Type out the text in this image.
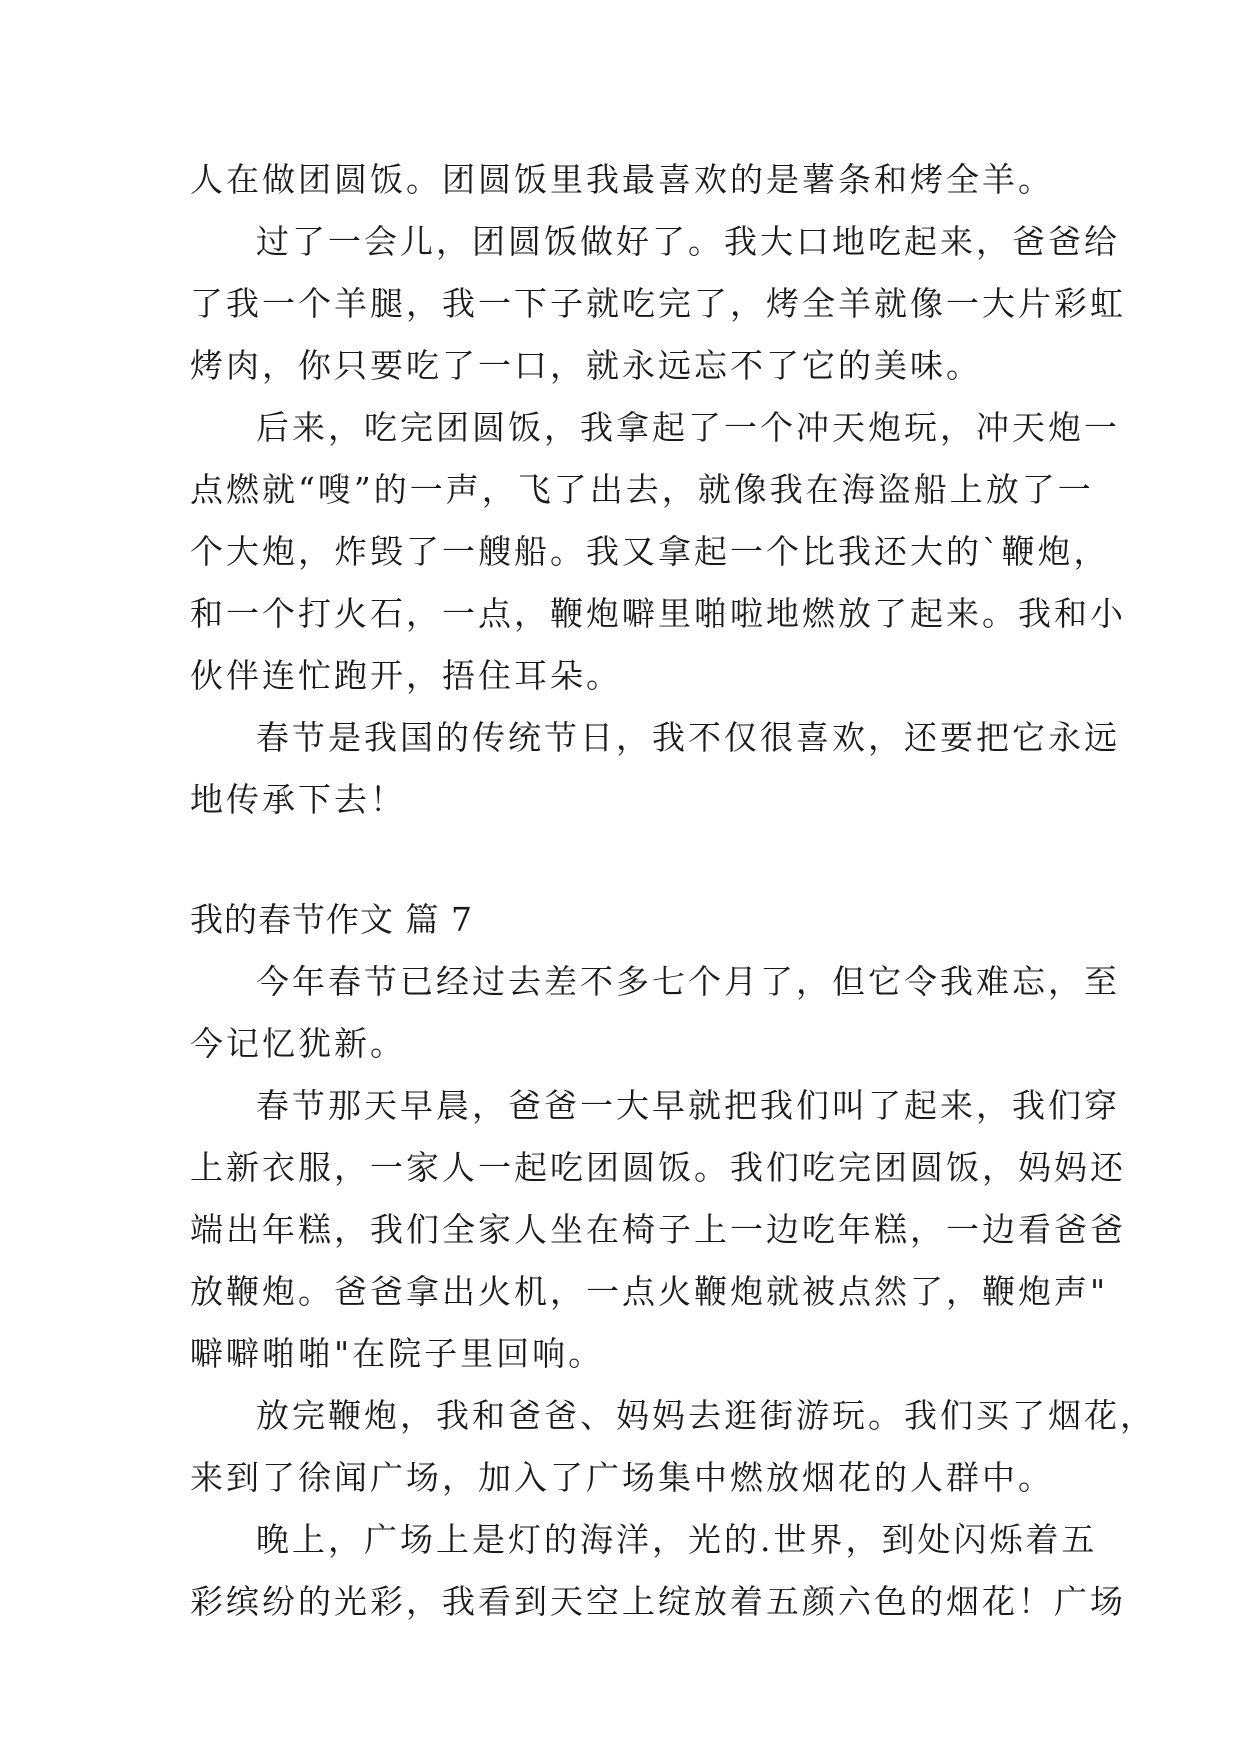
人在做团圆饭。团圆饭里我最喜欢的是薯条和烤全羊。
过了一会儿，团圆饭做好了。我大口地吃起来，爸爸给
了我一个羊腿，我一下子就吃完了，烤全羊就像一大片彩虹
烤肉，你只要吃了一口，就永远忘不了它的美味。
后来，吃完团圆饭，我拿起了一个冲天炮玩，冲天炮一
点燃就“嗖”的一声，飞了出去，就像我在海盗船上放了一
个大炮，炸毁了一艘船。我又拿起一个比我还大的`鞭炮，
和一个打火石，一点，鞭炮噼里啪啦地燃放了起来。我和小
伙伴连忙跑开，捂住耳朵。
春节是我国的传统节日，我不仅很喜欢，还要把它永远
地传承下去！
我的春节作文 篇 7
今年春节已经过去差不多七个月了，但它令我难忘，至
今记忆犹新。
春节那天早晨，爸爸一大早就把我们叫了起来，我们穿
上新衣服，一家人一起吃团圆饭。我们吃完团圆饭，妈妈还
端出年糕，我们全家人坐在椅子上一边吃年糕，一边看爸爸
放鞭炮。爸爸拿出火机，一点火鞭炮就被点然了，鞭炮声"
噼噼啪啪"在院子里回响。
放完鞭炮，我和爸爸、妈妈去逛街游玩。我们买了烟花，
来到了徐闻广场，加入了广场集中燃放烟花的人群中。
晚上，广场上是灯的海洋，光的.世界，到处闪烁着五
彩缤纷的光彩，我看到天空上绽放着五颜六色的烟花！广场
